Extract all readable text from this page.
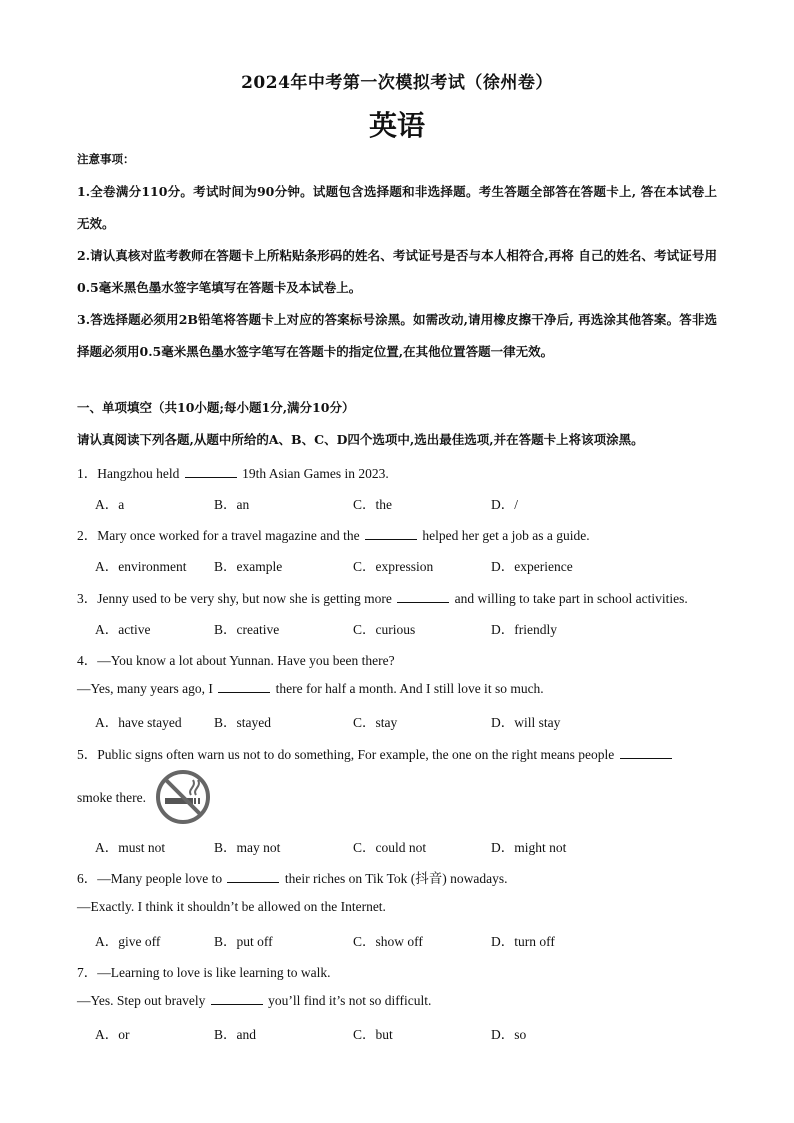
2024年中考第一次模拟考试（徐州卷）
英语
注意事项：
1.全卷满分110分。考试时间为90分钟。试题包含选择题和非选择题。考生答题全部答在答题卡上, 答在本试卷上无效。
2.请认真核对监考教师在答题卡上所粘贴条形码的姓名、考试证号是否与本人相符合,再将 自己的姓名、考试证号用0.5毫米黑色墨水签字笔填写在答题卡及本试卷上。
3.答选择题必须用2B铅笔将答题卡上对应的答案标号涂黑。如需改动,请用橡皮擦干净后, 再选涂其他答案。答非选择题必须用0.5毫米黑色墨水签字笔写在答题卡的指定位置,在其他位置答题一律无效。
一、单项填空（共10小题;每小题1分,满分10分）
请认真阅读下列各题,从题中所给的A、B、C、D四个选项中,选出最佳选项,并在答题卡上将该项涂黑。
1．Hangzhou held	19th Asian Games in 2023.
A．a	B．an	C．the	D．/
2．Mary once worked for a travel magazine and the	helped her get a job as a guide.
A．environment B．example	C．expression	D．experience
3．Jenny used to be very shy, but now she is getting more	and willing to take part in school activities.
A．active	B．creative	C．curious	D．friendly
4．—You know a lot about Yunnan. Have you been there?
—Yes, many years ago, I	there for half a month. And I still love it so much.
A．have stayed B．stayed	C．stay	D．will stay
5．Public signs often warn us not to do something, For example, the one on the right means people
smoke there.
A．must not	B．may not	C．could not	D．might not
6．—Many people love to	their riches on Tik Tok (抖音) nowadays.
—Exactly. I think it shouldn’t be allowed on the Internet.
A．give off	B．put off	C．show off	D．turn off
7．—Learning to love is like learning to walk.
—Yes. Step out bravely	you’ll find it’s not so difficult.
A．or	B．and	C．but	D．so
